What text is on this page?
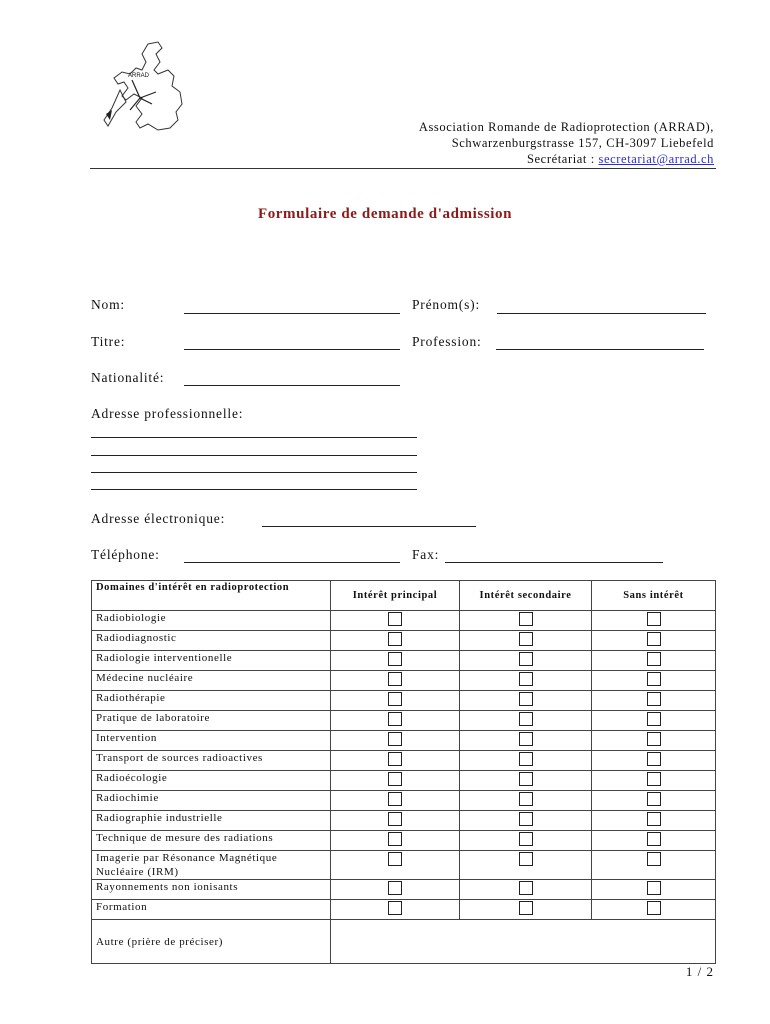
ARRAD
Association Romande de Radioprotection (ARRAD),
Schwarzenburgstrasse 157, CH-3097 Liebefeld
Secrétariat : secretariat@arrad.ch
Formulaire de demande d'admission
Nom:	Prénom(s):
Titre:	Profession:
Nationalité:
Adresse professionnelle:
Adresse électronique:
Téléphone:	Fax:
Domaines d'intérêt en radioprotection	Intérêt principal	Intérêt secondaire	Sans intérêt
Radiobiologie			
Radiodiagnostic			
Radiologie interventionelle			
Médecine nucléaire			
Radiothérapie			
Pratique de laboratoire			
Intervention			
Transport de sources radioactives			
Radioécologie			
Radiochimie			
Radiographie industrielle			
Technique de mesure des radiations			
Imagerie par Résonance Magnétique Nucléaire (IRM)			
Rayonnements non ionisants			
Formation			
Autre (prière de préciser)			
1 / 2
